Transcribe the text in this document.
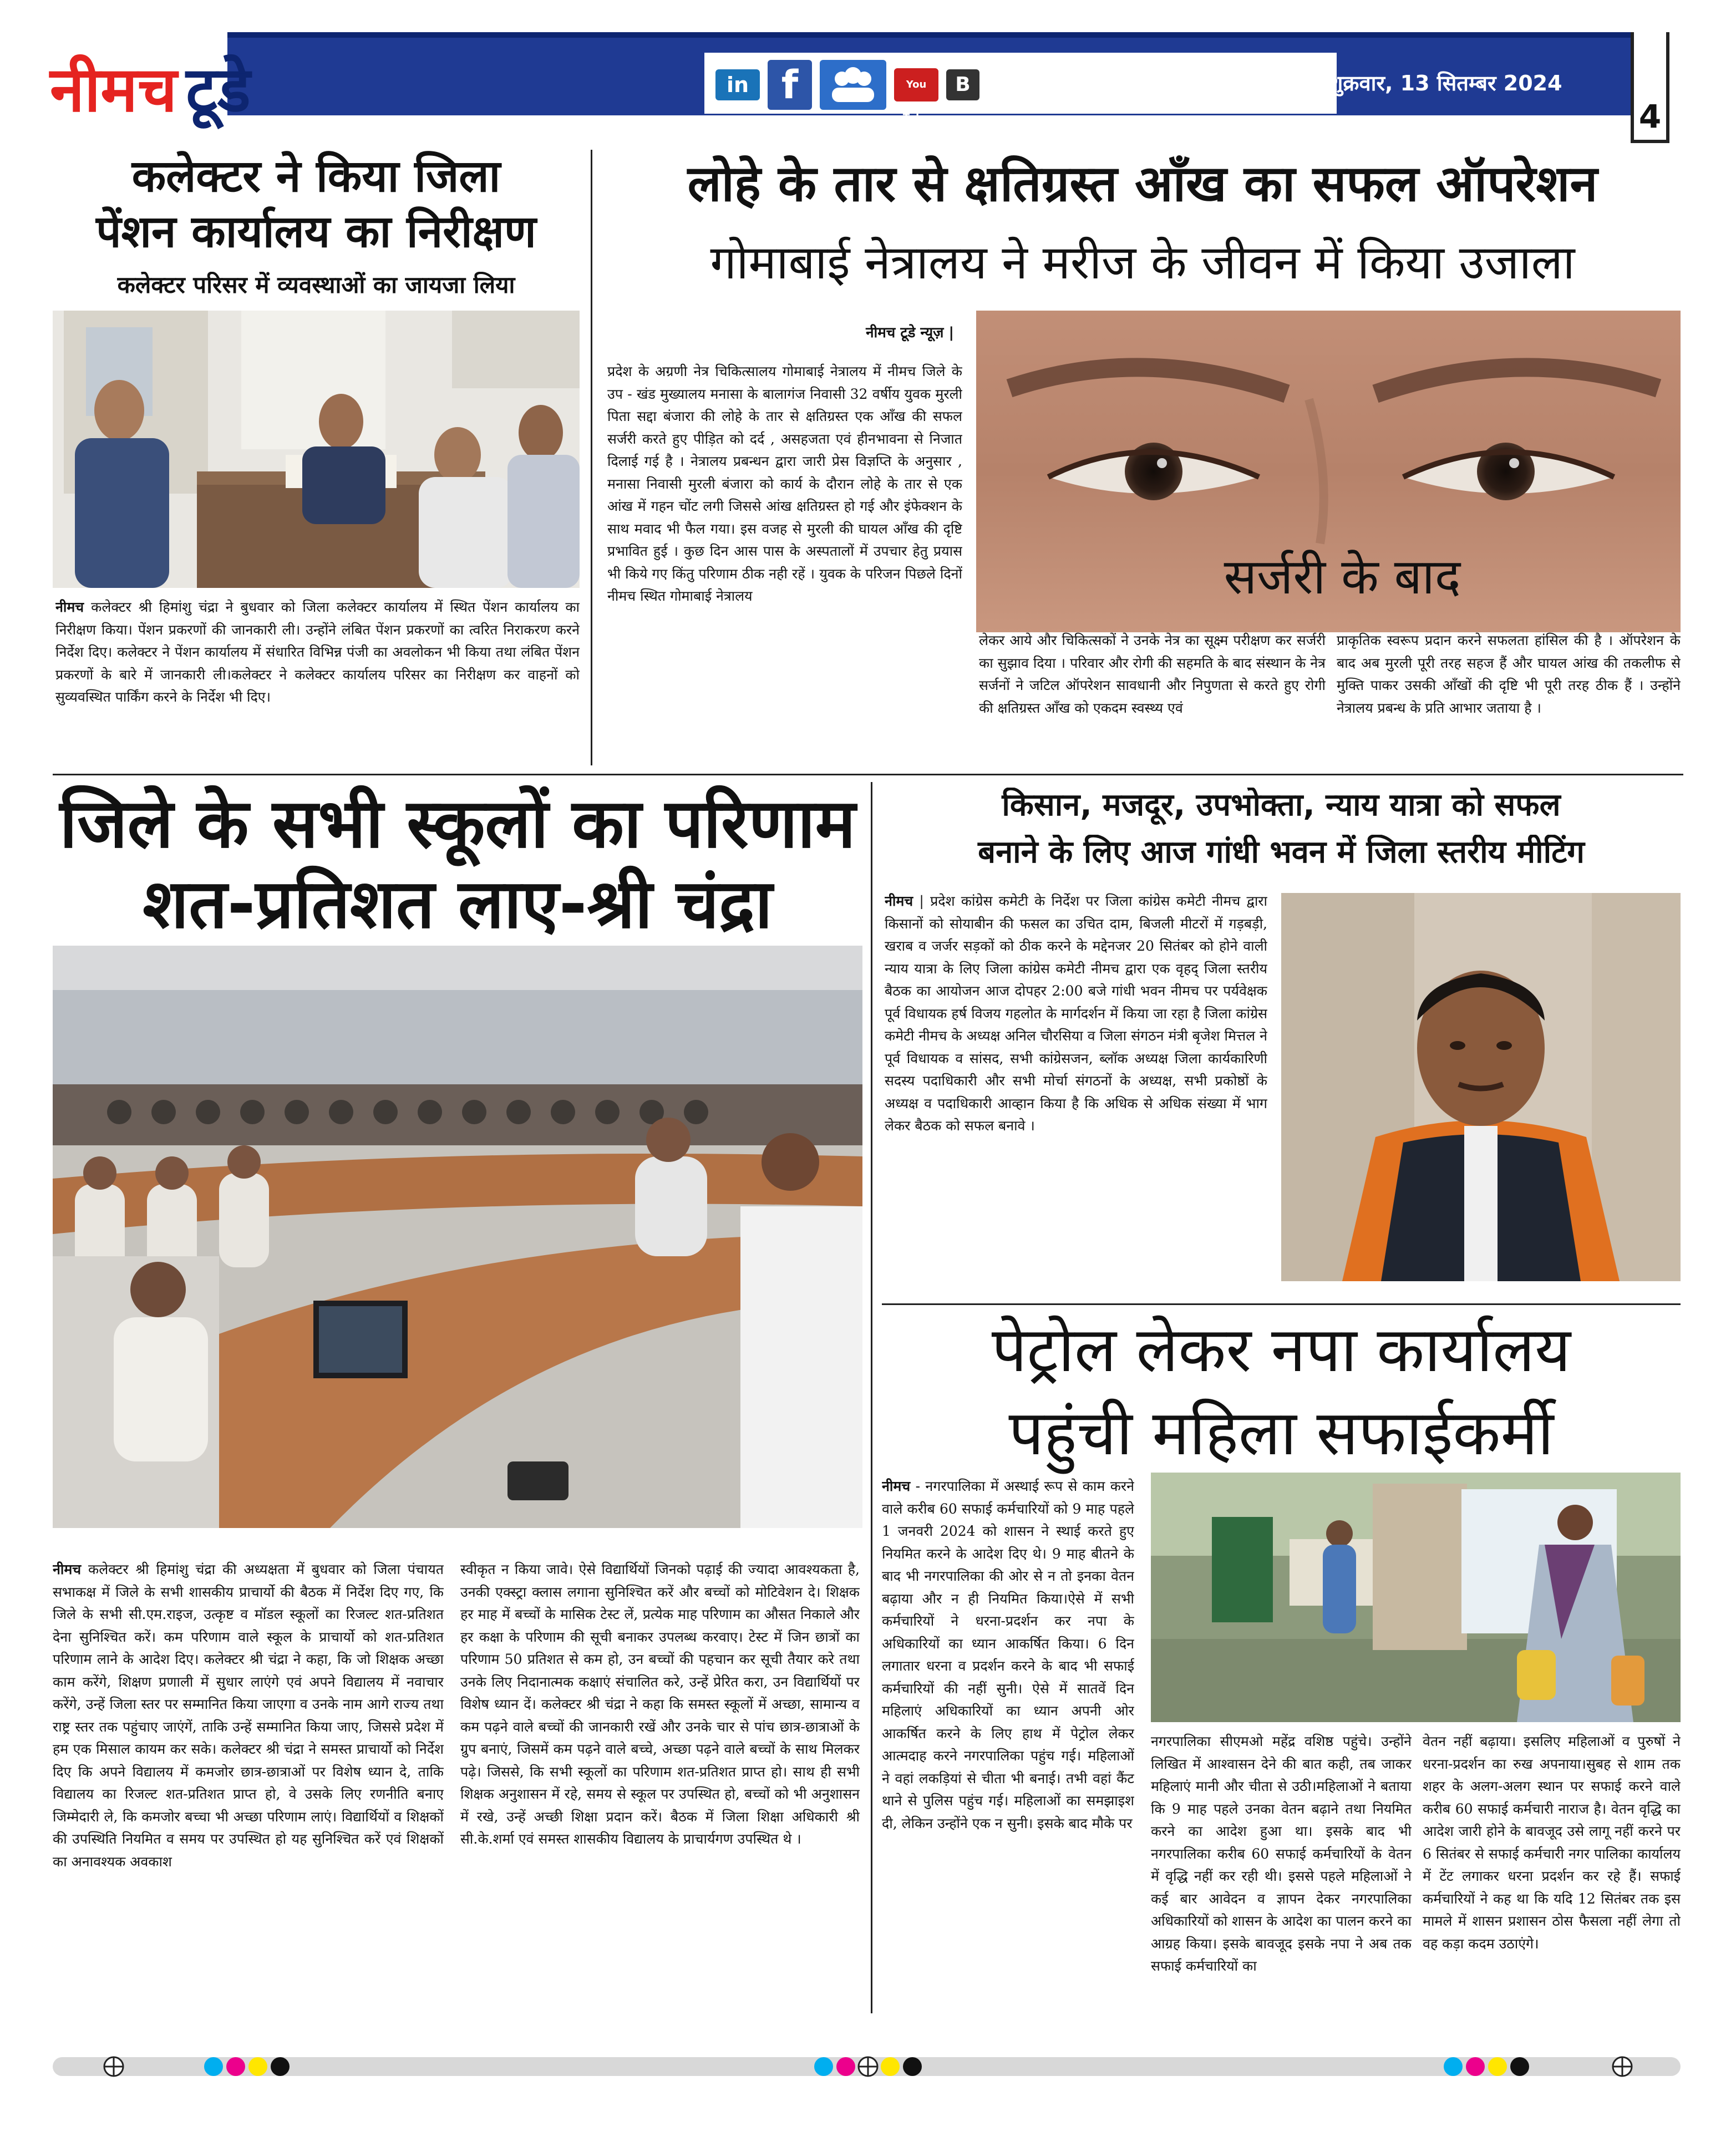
नीमच टूडे	in f	You Tube
B	नीमच, शुक्रवार, 13 सितम्बर 2024
4
कलेक्टर ने किया जिला
पेंशन कार्यालय का निरीक्षण
कलेक्टर परिसर में व्यवस्थाओं का जायजा लिया
नीमच कलेक्टर श्री हिमांशु चंद्रा ने बुधवार को जिला कलेक्टर कार्यालय में स्थित पेंशन कार्यालय का निरीक्षण किया। पेंशन प्रकरणों की जानकारी ली। उन्होंने लंबित पेंशन प्रकरणों का त्वरित निराकरण करने निर्देश दिए। कलेक्टर ने पेंशन कार्यालय में संधारित विभिन्न पंजी का अवलोकन भी किया तथा लंबित पेंशन प्रकरणों के बारे में जानकारी ली।कलेक्टर ने कलेक्टर कार्यालय परिसर का निरीक्षण कर वाहनों को सुव्यवस्थित पार्किंग करने के निर्देश भी दिए।
लोहे के तार से क्षतिग्रस्त आँख का सफल ऑपरेशन
गोमाबाई नेत्रालय ने मरीज के जीवन में किया उजाला
नीमच टूडे न्यूज़ |
प्रदेश के अग्रणी नेत्र चिकित्सालय गोमाबाई नेत्रालय में नीमच जिले के उप - खंड मुख्यालय मनासा के बालागंज निवासी 32 वर्षीय युवक मुरली पिता सद्दा बंजारा की लोहे के तार से क्षतिग्रस्त एक आँख की सफल सर्जरी करते हुए पीड़ित को दर्द , असहजता एवं हीनभावना से निजात दिलाई गई है । नेत्रालय प्रबन्धन द्वारा जारी प्रेस विज्ञप्ति के अनुसार , मनासा निवासी मुरली बंजारा को कार्य के दौरान लोहे के तार से एक आंख में गहन चोंट लगी जिससे आंख क्षतिग्रस्त हो गई और इंफेक्शन के साथ मवाद भी फैल गया। इस वजह से मुरली की घायल आँख की दृष्टि प्रभावित हुई । कुछ दिन आस पास के अस्पतालों में उपचार हेतु प्रयास भी किये गए किंतु परिणाम ठीक नही रहें । युवक के परिजन पिछले दिनों नीमच स्थित गोमाबाई नेत्रालय	सर्जरी के बाद
लेकर आये और चिकित्सकों ने उनके नेत्र का सूक्ष्म परीक्षण कर सर्जरी का सुझाव दिया । परिवार और रोगी की सहमति के बाद संस्थान के नेत्र सर्जनों ने जटिल ऑपरेशन सावधानी और निपुणता से करते हुए रोगी की क्षतिग्रस्त आँख को एकदम स्वस्थ्य एवं
प्राकृतिक स्वरूप प्रदान करने सफलता हांसिल की है । ऑपरेशन के बाद अब मुरली पूरी तरह सहज हैं और घायल आंख की तकलीफ से मुक्ति पाकर उसकी आँखों की दृष्टि भी पूरी तरह ठीक हैं । उन्होंने नेत्रालय प्रबन्ध के प्रति आभार जताया है ।
जिले के सभी स्कूलों का परिणाम
शत-प्रतिशत लाए-श्री चंद्रा
नीमच कलेक्टर श्री हिमांशु चंद्रा की अध्यक्षता में बुधवार को जिला पंचायत सभाकक्ष में जिले के सभी शासकीय प्राचार्यो की बैठक में निर्देश दिए गए, कि जिले के सभी सी.एम.राइज, उत्कृष्ट व मॉडल स्कूलों का रिजल्ट शत-प्रतिशत देना सुनिश्चित करें। कम परिणाम वाले स्कूल के प्राचार्यो को शत-प्रतिशत परिणाम लाने के आदेश दिए। कलेक्टर श्री चंद्रा ने कहा, कि जो शिक्षक अच्छा काम करेंगे, शिक्षण प्रणाली में सुधार लाएंगे एवं अपने विद्यालय में नवाचार करेंगे, उन्हें जिला स्तर पर सम्मानित किया जाएगा व उनके नाम आगे राज्य तथा राष्ट्र स्तर तक पहुंचाए जाएंगें, ताकि उन्हें सम्मानित किया जाए, जिससे प्रदेश में हम एक मिसाल कायम कर सके। कलेक्टर श्री चंद्रा ने समस्त प्राचार्यो को निर्देश दिए कि अपने विद्यालय में कमजोर छात्र-छात्राओं पर विशेष ध्यान दे, ताकि विद्यालय का रिजल्ट शत-प्रतिशत प्राप्त हो, वे उसके लिए रणनीति बनाए जिम्मेदारी ले, कि कमजोर बच्चा भी अच्छा परिणाम लाएं। विद्यार्थियों व शिक्षकों की उपस्थिति नियमित व समय पर उपस्थित हो यह सुनिश्चित करें एवं शिक्षकों का अनावश्यक अवकाश
स्वीकृत न किया जावे। ऐसे विद्यार्थियों जिनको पढ़ाई की ज्यादा आवश्यकता है, उनकी एक्स्ट्रा क्लास लगाना सुनिश्चित करें और बच्चों को मोटिवेशन दे। शिक्षक हर माह में बच्चों के मासिक टेस्ट लें, प्रत्येक माह परिणाम का औसत निकाले और हर कक्षा के परिणाम की सूची बनाकर उपलब्ध करवाए। टेस्ट में जिन छात्रों का परिणाम 50 प्रतिशत से कम हो, उन बच्चों की पहचान कर सूची तैयार करे तथा उनके लिए निदानात्मक कक्षाएं संचालित करे, उन्हें प्रेरित करा, उन विद्यार्थियों पर विशेष ध्यान दें। कलेक्टर श्री चंद्रा ने कहा कि समस्त स्कूलों में अच्छा, सामान्य व कम पढ़ने वाले बच्चों की जानकारी रखें और उनके चार से पांच छात्र-छात्राओं के ग्रुप बनाएं, जिसमें कम पढ़ने वाले बच्चे, अच्छा पढ़ने वाले बच्चों के साथ मिलकर पढ़े। जिससे, कि सभी स्कूलों का परिणाम शत-प्रतिशत प्राप्त हो। साथ ही सभी शिक्षक अनुशासन में रहे, समय से स्कूल पर उपस्थित हो, बच्चों को भी अनुशासन में रखे, उन्हें अच्छी शिक्षा प्रदान करें। बैठक में जिला शिक्षा अधिकारी श्री सी.के.शर्मा एवं समस्त शासकीय विद्यालय के प्राचार्यगण उपस्थित थे ।
किसान, मजदूर, उपभोक्ता, न्याय यात्रा को सफल
बनाने के लिए आज गांधी भवन में जिला स्तरीय मीटिंग
नीमच | प्रदेश कांग्रेस कमेटी के निर्देश पर जिला कांग्रेस कमेटी नीमच द्वारा किसानों को सोयाबीन की फसल का उचित दाम, बिजली मीटरों में गड़बड़ी, खराब व जर्जर सड़कों को ठीक करने के मद्देनजर 20 सितंबर को होने वाली न्याय यात्रा के लिए जिला कांग्रेस कमेटी नीमच द्वारा एक वृहद् जिला स्तरीय बैठक का आयोजन आज दोपहर 2:00 बजे गांधी भवन नीमच पर पर्यवेक्षक पूर्व विधायक हर्ष विजय गहलोत के मार्गदर्शन में किया जा रहा है जिला कांग्रेस कमेटी नीमच के अध्यक्ष अनिल चौरसिया व जिला संगठन मंत्री बृजेश मित्तल ने पूर्व विधायक व सांसद, सभी कांग्रेसजन, ब्लॉक अध्यक्ष जिला कार्यकारिणी सदस्य पदाधिकारी और सभी मोर्चा संगठनों के अध्यक्ष, सभी प्रकोष्ठों के अध्यक्ष व पदाधिकारी आव्हान किया है कि अधिक से अधिक संख्या में भाग लेकर बैठक को सफल बनावे ।
पेट्रोल लेकर नपा कार्यालय
पहुंची महिला सफाईकर्मी
नीमच - नगरपालिका में अस्थाई रूप से काम करने वाले करीब 60 सफाई कर्मचारियों को 9 माह पहले 1 जनवरी 2024 को शासन ने स्थाई करते हुए नियमित करने के आदेश दिए थे। 9 माह बीतने के बाद भी नगरपालिका की ओर से न तो इनका वेतन बढ़ाया और न ही नियमित किया।ऐसे में सभी कर्मचारियों ने धरना-प्रदर्शन कर नपा के अधिकारियों का ध्यान आकर्षित किया। 6 दिन लगातार धरना व प्रदर्शन करने के बाद भी सफाई कर्मचारियों की नहीं सुनी। ऐसे में सातवें दिन महिलाएं अधिकारियों का ध्यान अपनी ओर आकर्षित करने के लिए हाथ में पेट्रोल लेकर आत्मदाह करने नगरपालिका पहुंच गई। महिलाओं ने वहां लकड़ियां से चीता भी बनाई। तभी वहां कैंट थाने से पुलिस पहुंच गई। महिलाओं का समझाइश दी, लेकिन उन्होंने एक न सुनी। इसके बाद मौके पर
नगरपालिका सीएमओ महेंद्र वशिष्ठ पहुंचे। उन्होंने लिखित में आश्वासन देने की बात कही, तब जाकर महिलाएं मानी और चीता से उठी।महिलाओं ने बताया कि 9 माह पहले उनका वेतन बढ़ाने तथा नियमित करने का आदेश हुआ था। इसके बाद भी नगरपालिका करीब 60 सफाई कर्मचारियों के वेतन में वृद्धि नहीं कर रही थी। इससे पहले महिलाओं ने कई बार आवेदन व ज्ञापन देकर नगरपालिका अधिकारियों को शासन के आदेश का पालन करने का आग्रह किया। इसके बावजूद इसके नपा ने अब तक सफाई कर्मचारियों का
वेतन नहीं बढ़ाया। इसलिए महिलाओं व पुरुषों ने धरना-प्रदर्शन का रुख अपनाया।सुबह से शाम तक शहर के अलग-अलग स्थान पर सफाई करने वाले करीब 60 सफाई कर्मचारी नाराज है। वेतन वृद्धि का आदेश जारी होने के बावजूद उसे लागू नहीं करने पर 6 सितंबर से सफाई कर्मचारी नगर पालिका कार्यालय में टेंट लगाकर धरना प्रदर्शन कर रहे हैं। सफाई कर्मचारियों ने कह था कि यदि 12 सितंबर तक इस मामले में शासन प्रशासन ठोस फैसला नहीं लेगा तो वह कड़ा कदम उठाएंगे।
